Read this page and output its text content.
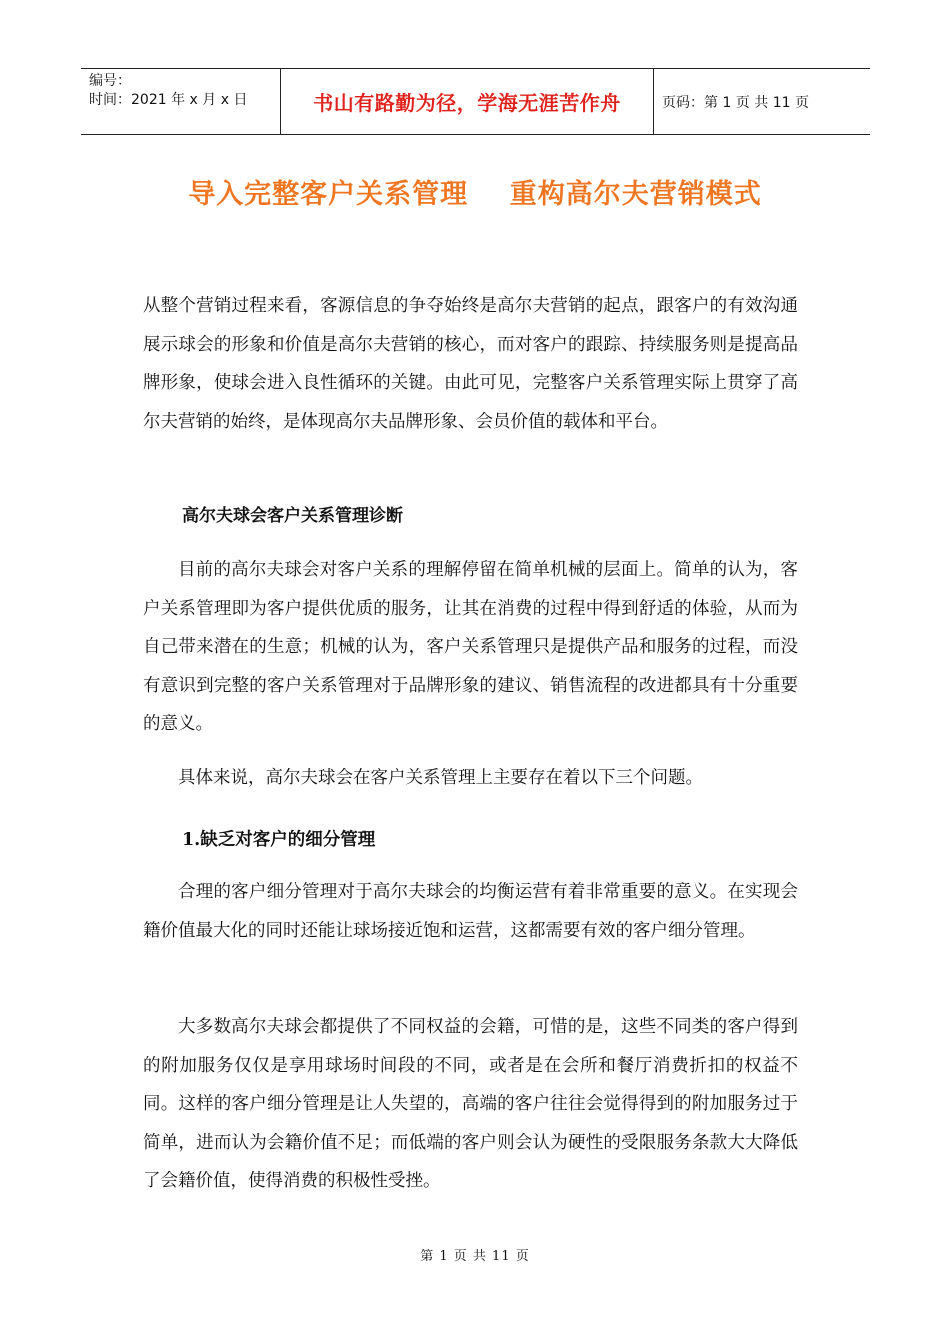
编号：
时间：2021 年 x 月 x 日	书山有路勤为径，学海无涯苦作舟	页码：第 1 页 共 11 页
导入完整客户关系管理    重构高尔夫营销模式

从整个营销过程来看，客源信息的争夺始终是高尔夫营销的起点，跟客户的有效沟通展示球会的形象和价值是高尔夫营销的核心，而对客户的跟踪、持续服务则是提高品牌形象，使球会进入良性循环的关键。由此可见，完整客户关系管理实际上贯穿了高尔夫营销的始终，是体现高尔夫品牌形象、会员价值的载体和平台。

高尔夫球会客户关系管理诊断

目前的高尔夫球会对客户关系的理解停留在简单机械的层面上。简单的认为，客户关系管理即为客户提供优质的服务，让其在消费的过程中得到舒适的体验，从而为自己带来潜在的生意；机械的认为，客户关系管理只是提供产品和服务的过程，而没有意识到完整的客户关系管理对于品牌形象的建议、销售流程的改进都具有十分重要的意义。

具体来说，高尔夫球会在客户关系管理上主要存在着以下三个问题。

1.缺乏对客户的细分管理

合理的客户细分管理对于高尔夫球会的均衡运营有着非常重要的意义。在实现会籍价值最大化的同时还能让球场接近饱和运营，这都需要有效的客户细分管理。

大多数高尔夫球会都提供了不同权益的会籍，可惜的是，这些不同类的客户得到的附加服务仅仅是享用球场时间段的不同，或者是在会所和餐厅消费折扣的权益不同。这样的客户细分管理是让人失望的，高端的客户往往会觉得得到的附加服务过于简单，进而认为会籍价值不足；而低端的客户则会认为硬性的受限服务条款大大降低了会籍价值，使得消费的积极性受挫。

第 1 页 共 11 页
